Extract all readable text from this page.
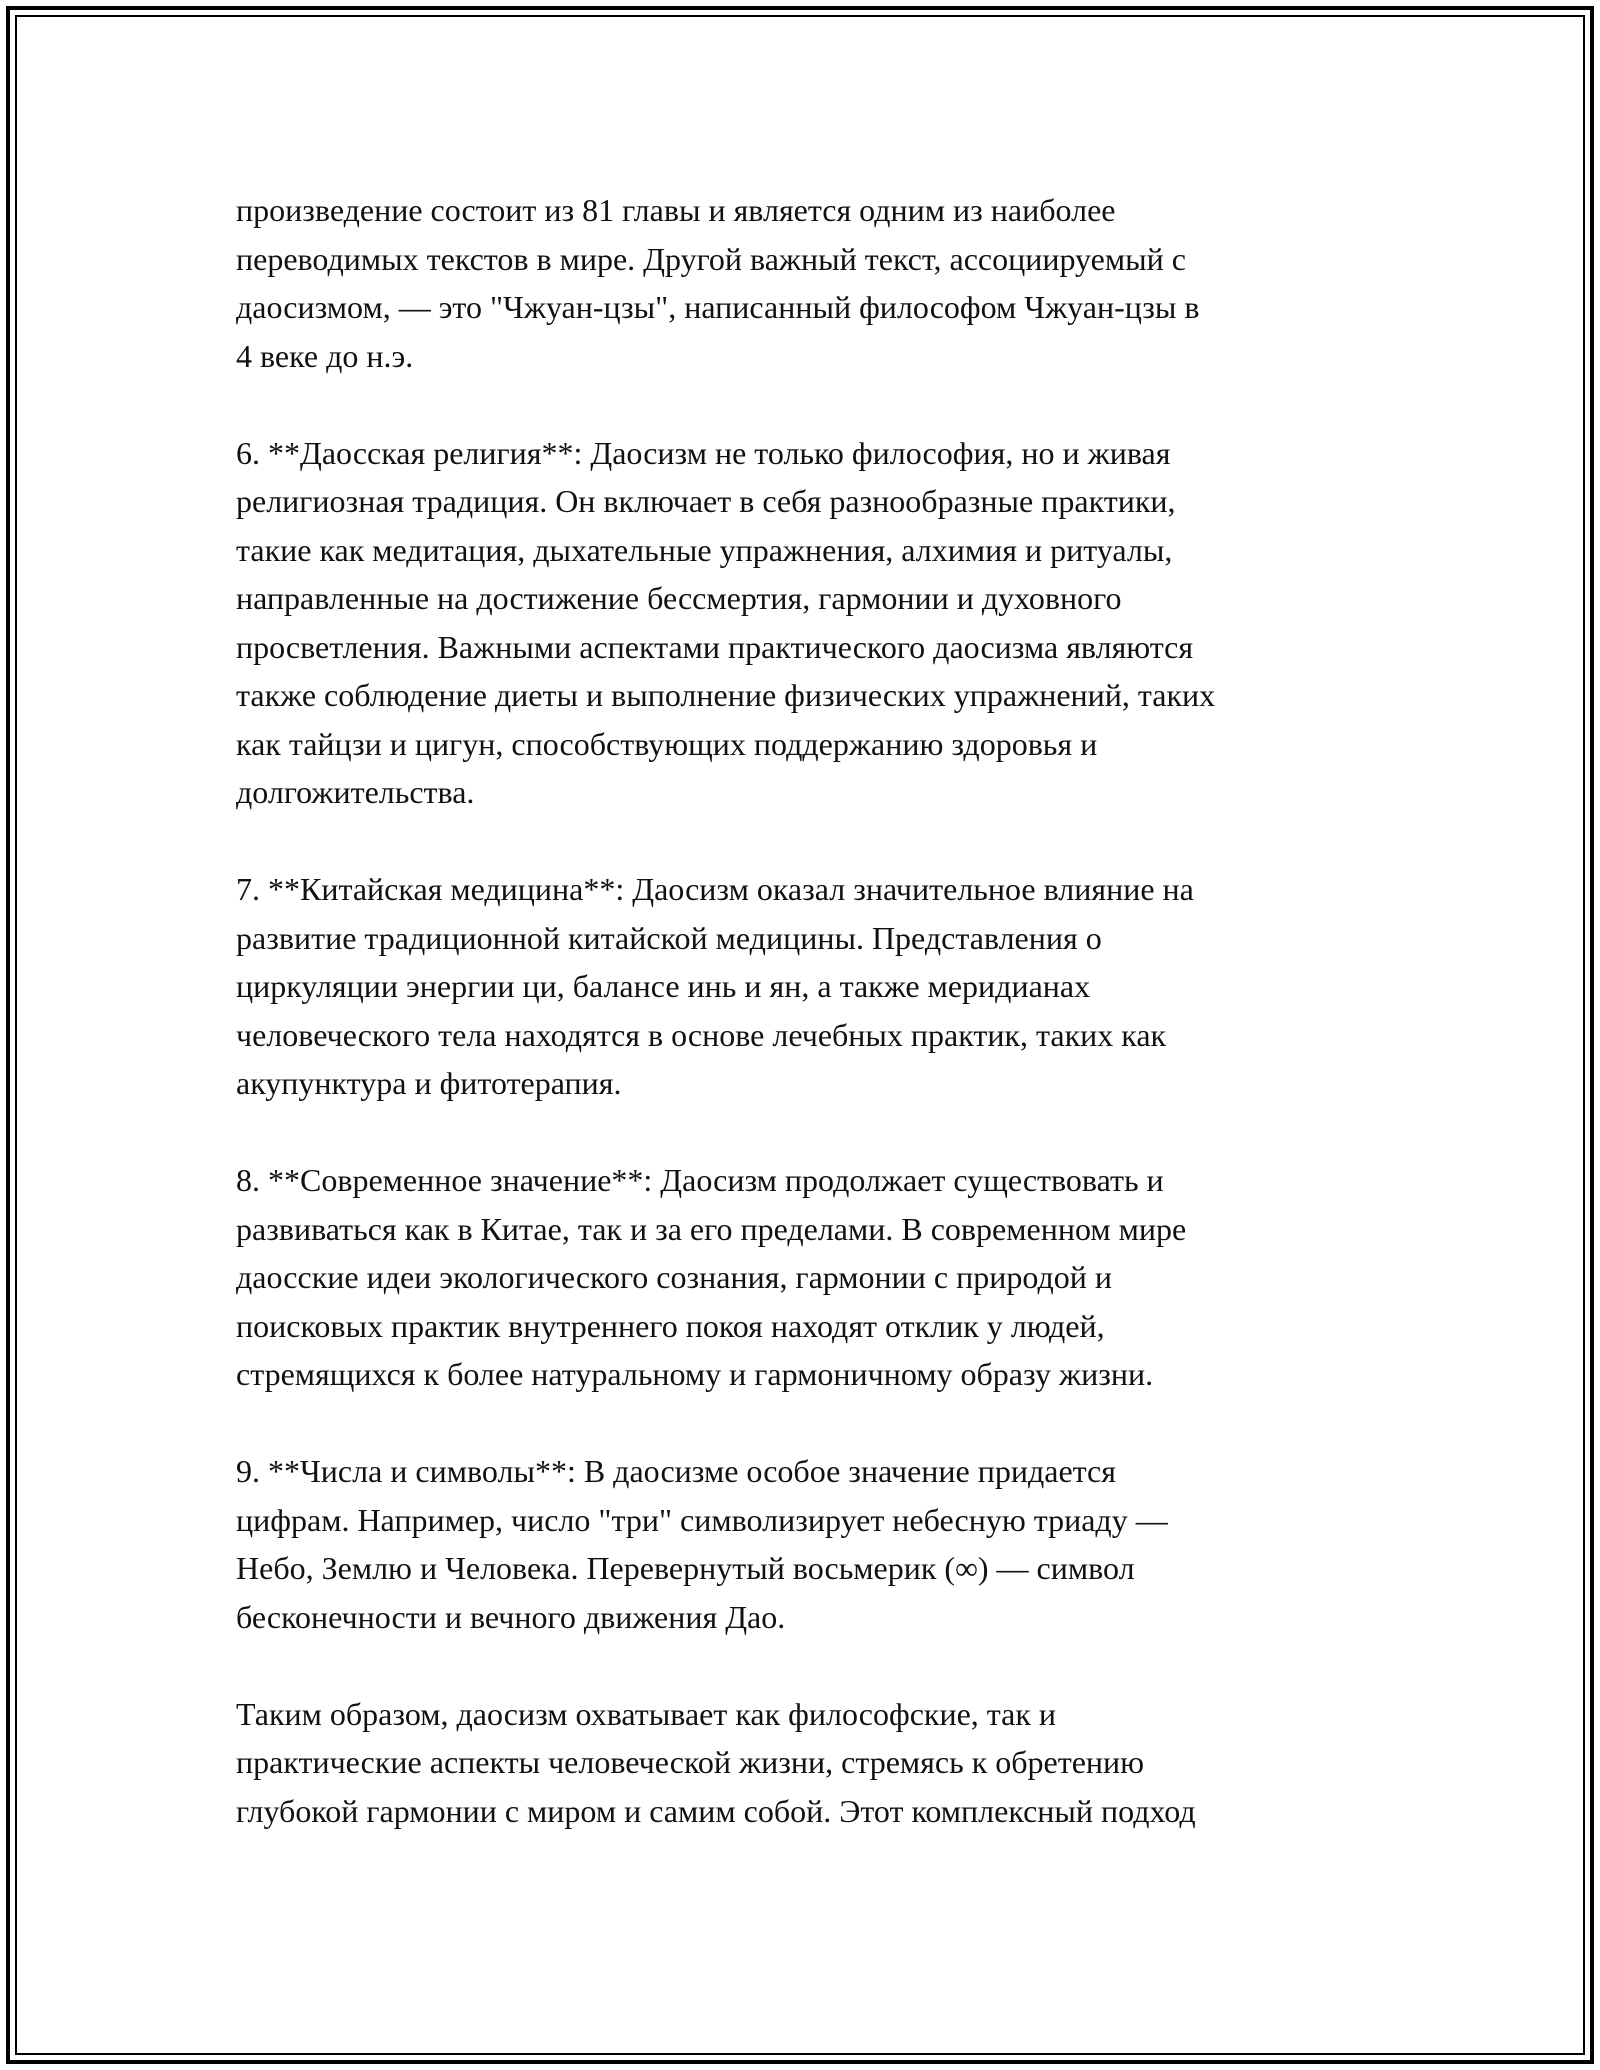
произведение состоит из 81 главы и является одним из наиболее
переводимых текстов в мире. Другой важный текст, ассоциируемый с
даосизмом, — это "Чжуан-цзы", написанный философом Чжуан-цзы в
4 веке до н.э.
6. **Даосская религия**: Даосизм не только философия, но и живая
религиозная традиция. Он включает в себя разнообразные практики,
такие как медитация, дыхательные упражнения, алхимия и ритуалы,
направленные на достижение бессмертия, гармонии и духовного
просветления. Важными аспектами практического даосизма являются
также соблюдение диеты и выполнение физических упражнений, таких
как тайцзи и цигун, способствующих поддержанию здоровья и
долгожительства.
7. **Китайская медицина**: Даосизм оказал значительное влияние на
развитие традиционной китайской медицины. Представления о
циркуляции энергии ци, балансе инь и ян, а также меридианах
человеческого тела находятся в основе лечебных практик, таких как
акупунктура и фитотерапия.
8. **Современное значение**: Даосизм продолжает существовать и
развиваться как в Китае, так и за его пределами. В современном мире
даосские идеи экологического сознания, гармонии с природой и
поисковых практик внутреннего покоя находят отклик у людей,
стремящихся к более натуральному и гармоничному образу жизни.
9. **Числа и символы**: В даосизме особое значение придается
цифрам. Например, число "три" символизирует небесную триаду —
Небо, Землю и Человека. Перевернутый восьмерик (∞) — символ
бесконечности и вечного движения Дао.
Таким образом, даосизм охватывает как философские, так и
практические аспекты человеческой жизни, стремясь к обретению
глубокой гармонии с миром и самим собой. Этот комплексный подход
